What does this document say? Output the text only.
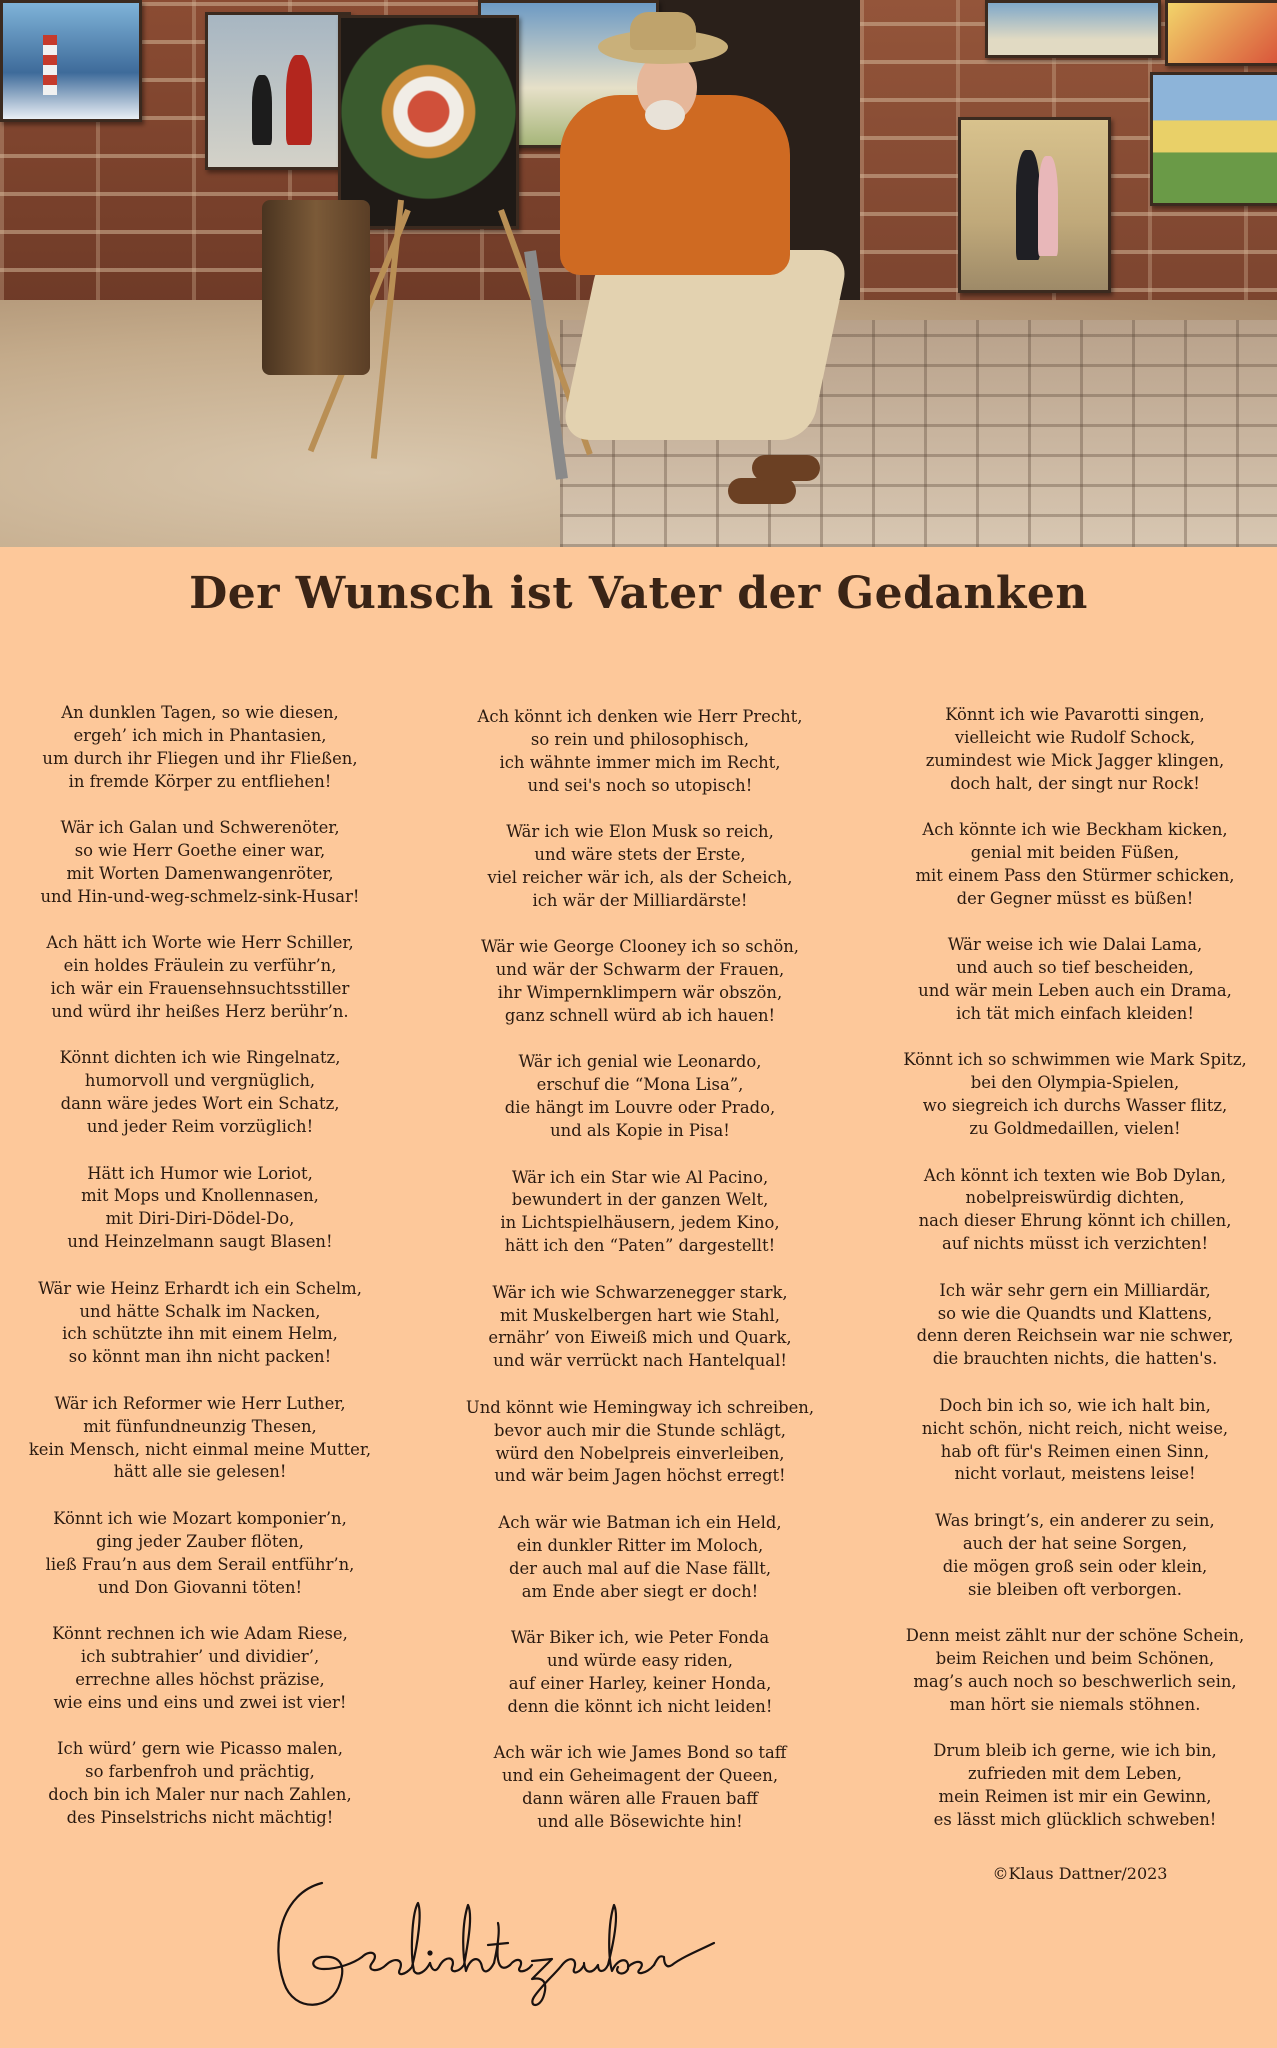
Der Wunsch ist Vater der Gedanken
An dunklen Tagen, so wie diesen,
ergeh’ ich mich in Phantasien,
um durch ihr Fliegen und ihr Fließen,
in fremde Körper zu entfliehen!
Wär ich Galan und Schwerenöter,
so wie Herr Goethe einer war,
mit Worten Damenwangenröter,
und Hin-und-weg-schmelz-sink-Husar!
Ach hätt ich Worte wie Herr Schiller,
ein holdes Fräulein zu verführ’n,
ich wär ein Frauensehnsuchtsstiller
und würd ihr heißes Herz berühr’n.
Könnt dichten ich wie Ringelnatz,
humorvoll und vergnüglich,
dann wäre jedes Wort ein Schatz,
und jeder Reim vorzüglich!
Hätt ich Humor wie Loriot,
mit Mops und Knollennasen,
mit Diri-Diri-Dödel-Do,
und Heinzelmann saugt Blasen!
Wär wie Heinz Erhardt ich ein Schelm,
und hätte Schalk im Nacken,
ich schützte ihn mit einem Helm,
so könnt man ihn nicht packen!
Wär ich Reformer wie Herr Luther,
mit fünfundneunzig Thesen,
kein Mensch, nicht einmal meine Mutter,
hätt alle sie gelesen!
Könnt ich wie Mozart komponier’n,
ging jeder Zauber flöten,
ließ Frau’n aus dem Serail entführ’n,
und Don Giovanni töten!
Könnt rechnen ich wie Adam Riese,
ich subtrahier’ und dividier’,
errechne alles höchst präzise,
wie eins und eins und zwei ist vier!
Ich würd’ gern wie Picasso malen,
so farbenfroh und prächtig,
doch bin ich Maler nur nach Zahlen,
des Pinselstrichs nicht mächtig!
Ach könnt ich denken wie Herr Precht,
so rein und philosophisch,
ich wähnte immer mich im Recht,
und sei's noch so utopisch!
Wär ich wie Elon Musk so reich,
und wäre stets der Erste,
viel reicher wär ich, als der Scheich,
ich wär der Milliardärste!
Wär wie George Clooney ich so schön,
und wär der Schwarm der Frauen,
ihr Wimpernklimpern wär obszön,
ganz schnell würd ab ich hauen!
Wär ich genial wie Leonardo,
erschuf die “Mona Lisa”,
die hängt im Louvre oder Prado,
und als Kopie in Pisa!
Wär ich ein Star wie Al Pacino,
bewundert in der ganzen Welt,
in Lichtspielhäusern, jedem Kino,
hätt ich den “Paten” dargestellt!
Wär ich wie Schwarzenegger stark,
mit Muskelbergen hart wie Stahl,
ernähr’ von Eiweiß mich und Quark,
und wär verrückt nach Hantelqual!
Und könnt wie Hemingway ich schreiben,
bevor auch mir die Stunde schlägt,
würd den Nobelpreis einverleiben,
und wär beim Jagen höchst erregt!
Ach wär wie Batman ich ein Held,
ein dunkler Ritter im Moloch,
der auch mal auf die Nase fällt,
am Ende aber siegt er doch!
Wär Biker ich, wie Peter Fonda
und würde easy riden,
auf einer Harley, keiner Honda,
denn die könnt ich nicht leiden!
Ach wär ich wie James Bond so taff
und ein Geheimagent der Queen,
dann wären alle Frauen baff
und alle Bösewichte hin!
Könnt ich wie Pavarotti singen,
vielleicht wie Rudolf Schock,
zumindest wie Mick Jagger klingen,
doch halt, der singt nur Rock!
Ach könnte ich wie Beckham kicken,
genial mit beiden Füßen,
mit einem Pass den Stürmer schicken,
der Gegner müsst es büßen!
Wär weise ich wie Dalai Lama,
und auch so tief bescheiden,
und wär mein Leben auch ein Drama,
ich tät mich einfach kleiden!
Könnt ich so schwimmen wie Mark Spitz,
bei den Olympia-Spielen,
wo siegreich ich durchs Wasser flitz,
zu Goldmedaillen, vielen!
Ach könnt ich texten wie Bob Dylan,
nobelpreiswürdig dichten,
nach dieser Ehrung könnt ich chillen,
auf nichts müsst ich verzichten!
Ich wär sehr gern ein Milliardär,
so wie die Quandts und Klattens,
denn deren Reichsein war nie schwer,
die brauchten nichts, die hatten's.
Doch bin ich so, wie ich halt bin,
nicht schön, nicht reich, nicht weise,
hab oft für's Reimen einen Sinn,
nicht vorlaut, meistens leise!
Was bringt’s, ein anderer zu sein,
auch der hat seine Sorgen,
die mögen groß sein oder klein,
sie bleiben oft verborgen.
Denn meist zählt nur der schöne Schein,
beim Reichen und beim Schönen,
mag’s auch noch so beschwerlich sein,
man hört sie niemals stöhnen.
Drum bleib ich gerne, wie ich bin,
zufrieden mit dem Leben,
mein Reimen ist mir ein Gewinn,
es lässt mich glücklich schweben!
©Klaus Dattner/2023
